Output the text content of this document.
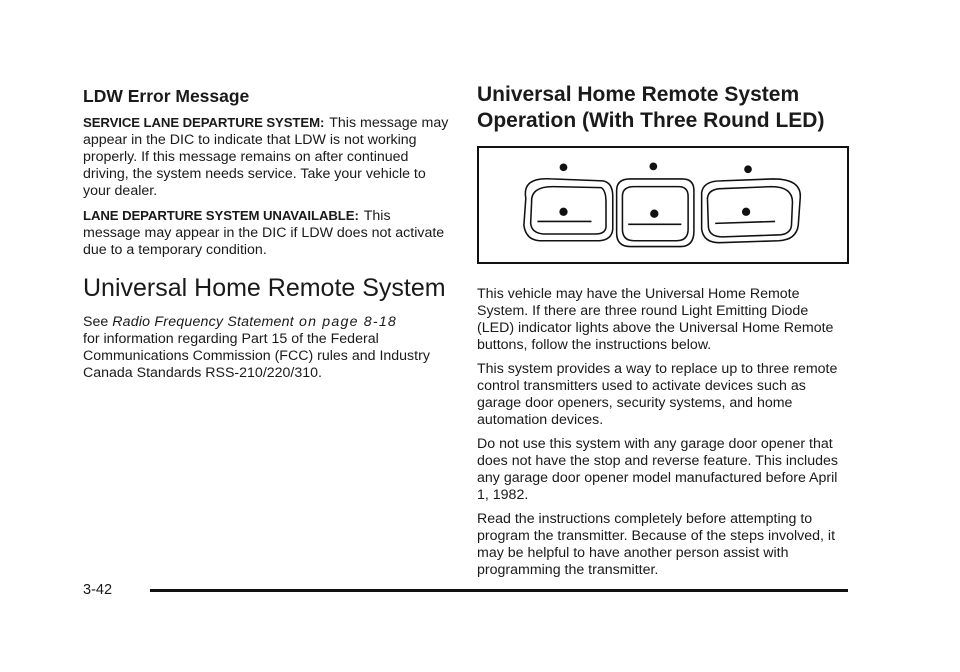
LDW Error Message

SERVICE LANE DEPARTURE SYSTEM: This message may appear in the DIC to indicate that LDW is not working properly. If this message remains on after continued driving, the system needs service. Take your vehicle to your dealer.

LANE DEPARTURE SYSTEM UNAVAILABLE: This message may appear in the DIC if LDW does not activate due to a temporary condition.

Universal Home Remote System

See Radio Frequency Statement on page 8-18
for information regarding Part 15 of the Federal Communications Commission (FCC) rules and Industry Canada Standards RSS-210/220/310.

Universal Home Remote System Operation (With Three Round LED)

This vehicle may have the Universal Home Remote System. If there are three round Light Emitting Diode (LED) indicator lights above the Universal Home Remote buttons, follow the instructions below.

This system provides a way to replace up to three remote control transmitters used to activate devices such as garage door openers, security systems, and home automation devices.

Do not use this system with any garage door opener that does not have the stop and reverse feature. This includes any garage door opener model manufactured before April 1, 1982.

Read the instructions completely before attempting to program the transmitter. Because of the steps involved, it may be helpful to have another person assist with programming the transmitter.

3-42
